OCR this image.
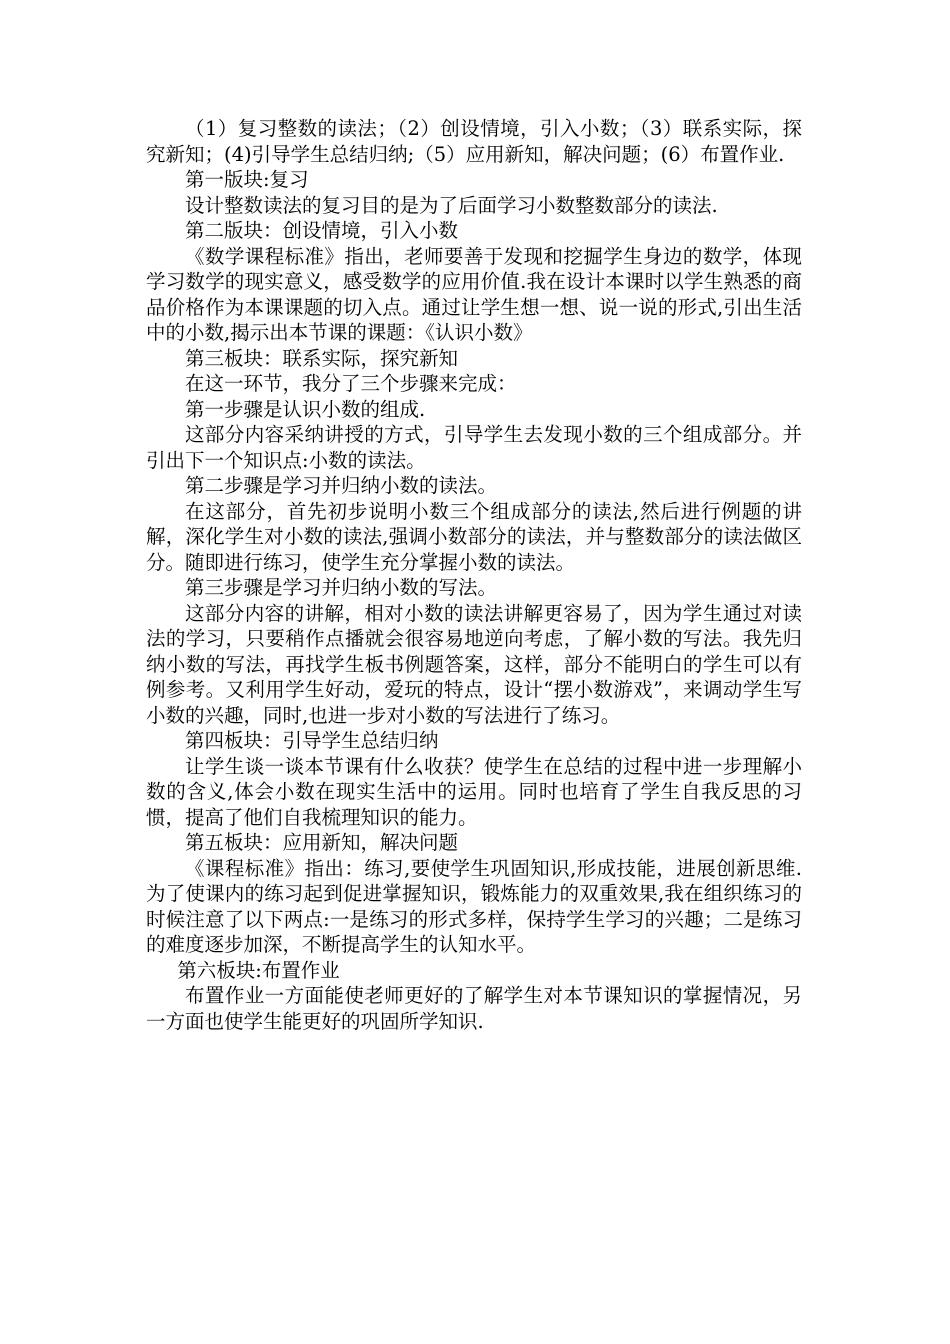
（1）复习整数的读法；（2）创设情境，引入小数；（3）联系实际，探究新知；(4)引导学生总结归纳;（5）应用新知，解决问题；(6）布置作业.

第一版块:复习

设计整数读法的复习目的是为了后面学习小数整数部分的读法.

第二版块：创设情境，引入小数

《数学课程标准》指出，老师要善于发现和挖掘学生身边的数学，体现学习数学的现实意义，感受数学的应用价值.我在设计本课时以学生熟悉的商品价格作为本课课题的切入点。通过让学生想一想、说一说的形式,引出生活中的小数,揭示出本节课的课题：《认识小数》

第三板块：联系实际，探究新知

在这一环节，我分了三个步骤来完成：

第一步骤是认识小数的组成.

这部分内容采纳讲授的方式，引导学生去发现小数的三个组成部分。并引出下一个知识点:小数的读法。

第二步骤是学习并归纳小数的读法。

在这部分，首先初步说明小数三个组成部分的读法,然后进行例题的讲解，深化学生对小数的读法,强调小数部分的读法，并与整数部分的读法做区分。随即进行练习，使学生充分掌握小数的读法。

第三步骤是学习并归纳小数的写法。

这部分内容的讲解，相对小数的读法讲解更容易了，因为学生通过对读法的学习，只要稍作点播就会很容易地逆向考虑，了解小数的写法。我先归纳小数的写法，再找学生板书例题答案，这样，部分不能明白的学生可以有例参考。又利用学生好动，爱玩的特点，设计“摆小数游戏”，来调动学生写小数的兴趣，同时,也进一步对小数的写法进行了练习。

第四板块：引导学生总结归纳

让学生谈一谈本节课有什么收获？使学生在总结的过程中进一步理解小数的含义,体会小数在现实生活中的运用。同时也培育了学生自我反思的习惯，提高了他们自我梳理知识的能力。

第五板块：应用新知，解决问题

《课程标准》指出：练习,要使学生巩固知识,形成技能，进展创新思维.为了使课内的练习起到促进掌握知识，锻炼能力的双重效果,我在组织练习的时候注意了以下两点:一是练习的形式多样，保持学生学习的兴趣；二是练习的难度逐步加深，不断提高学生的认知水平。

第六板块:布置作业

布置作业一方面能使老师更好的了解学生对本节课知识的掌握情况，另一方面也使学生能更好的巩固所学知识.
